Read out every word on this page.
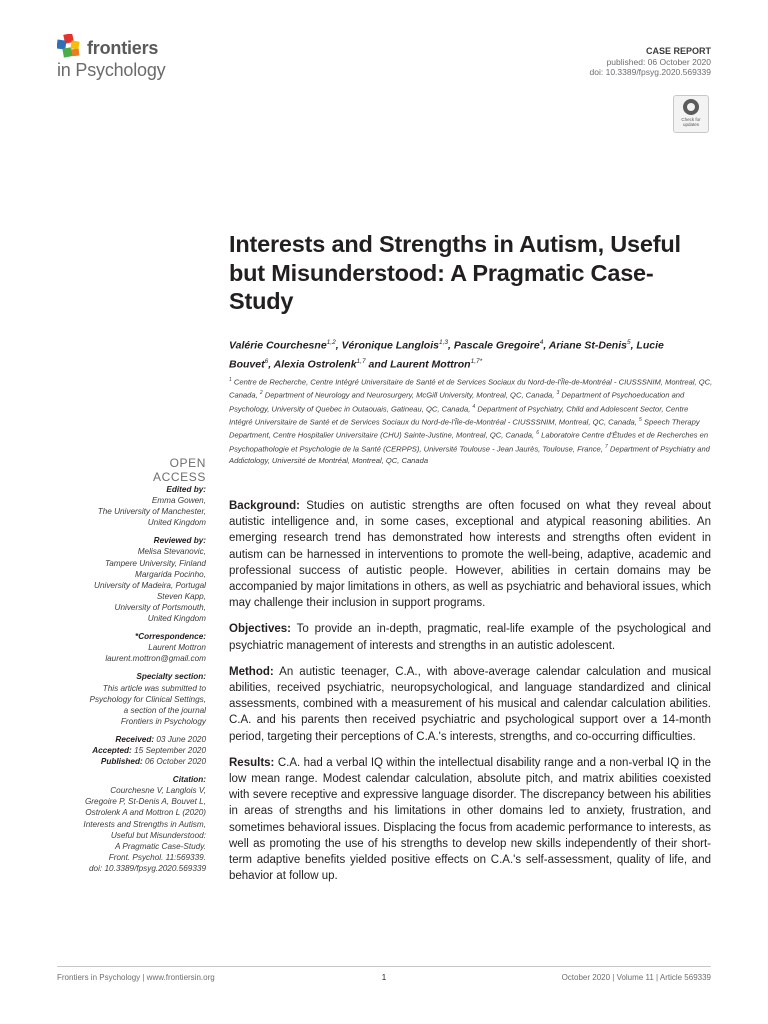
frontiers
in Psychology
CASE REPORT
published: 06 October 2020
doi: 10.3389/fpsyg.2020.569339
Check for
updates
Interests and Strengths in Autism, Useful but Misunderstood: A Pragmatic Case-Study
Valérie Courchesne$^{1,2}$, Véronique Langlois$^{1,3}$, Pascale Gregoire$^4$, Ariane St-Denis$^5$, Lucie Bouvet$^6$, Alexia Ostrolenk$^{1,7}$ and Laurent Mottron$^{1,7*}$
$^1$ Centre de Recherche, Centre Intégré Universitaire de Santé et de Services Sociaux du Nord-de-l'Île-de-Montréal - CIUSSSNIM, Montreal, QC, Canada, $^2$ Department of Neurology and Neurosurgery, McGill University, Montreal, QC, Canada, $^3$ Department of Psychoeducation and Psychology, University of Quebec in Outaouais, Gatineau, QC, Canada, $^4$ Department of Psychiatry, Child and Adolescent Sector, Centre Intégré Universitaire de Santé et de Services Sociaux du Nord-de-l'Île-de-Montréal - CIUSSSNIM, Montreal, QC, Canada, $^5$ Speech Therapy Department, Centre Hospitalier Universitaire (CHU) Sainte-Justine, Montreal, QC, Canada, $^6$ Laboratoire Centre d'Études et de Recherches en Psychopathologie et Psychologie de la Santé (CERPPS), Université Toulouse - Jean Jaurès, Toulouse, France, $^7$ Department of Psychiatry and Addictology, Université de Montréal, Montreal, QC, Canada
OPEN ACCESS
Edited by:
Emma Gowen,
The University of Manchester,
United Kingdom
Reviewed by:
Melisa Stevanovic,
Tampere University, Finland
Margarida Pocinho,
University of Madeira, Portugal
Steven Kapp,
University of Portsmouth,
United Kingdom
*Correspondence:
Laurent Mottron
laurent.mottron@gmail.com
Specialty section:
This article was submitted to
Psychology for Clinical Settings,
a section of the journal
Frontiers in Psychology
Received: 03 June 2020
Accepted: 15 September 2020
Published: 06 October 2020
Citation:
Courchesne V, Langlois V,
Gregoire P, St-Denis A, Bouvet L,
Ostrolenk A and Mottron L (2020)
Interests and Strengths in Autism,
Useful but Misunderstood:
A Pragmatic Case-Study.
Front. Psychol. 11:569339.
doi: 10.3389/fpsyg.2020.569339

Background: Studies on autistic strengths are often focused on what they reveal about autistic intelligence and, in some cases, exceptional and atypical reasoning abilities. An emerging research trend has demonstrated how interests and strengths often evident in autism can be harnessed in interventions to promote the well-being, adaptive, academic and professional success of autistic people. However, abilities in certain domains may be accompanied by major limitations in others, as well as psychiatric and behavioral issues, which may challenge their inclusion in support programs.

Objectives: To provide an in-depth, pragmatic, real-life example of the psychological and psychiatric management of interests and strengths in an autistic adolescent.

Method: An autistic teenager, C.A., with above-average calendar calculation and musical abilities, received psychiatric, neuropsychological, and language standardized and clinical assessments, combined with a measurement of his musical and calendar calculation abilities. C.A. and his parents then received psychiatric and psychological support over a 14-month period, targeting their perceptions of C.A.'s interests, strengths, and co-occurring difficulties.

Results: C.A. had a verbal IQ within the intellectual disability range and a non-verbal IQ in the low mean range. Modest calendar calculation, absolute pitch, and matrix abilities coexisted with severe receptive and expressive language disorder. The discrepancy between his abilities in areas of strengths and his limitations in other domains led to anxiety, frustration, and sometimes behavioral issues. Displacing the focus from academic performance to interests, as well as promoting the use of his strengths to develop new skills independently of their short-term adaptive benefits yielded positive effects on C.A.'s self-assessment, quality of life, and behavior at follow up.

Frontiers in Psychology | www.frontiersin.org	1	October 2020 | Volume 11 | Article 569339
